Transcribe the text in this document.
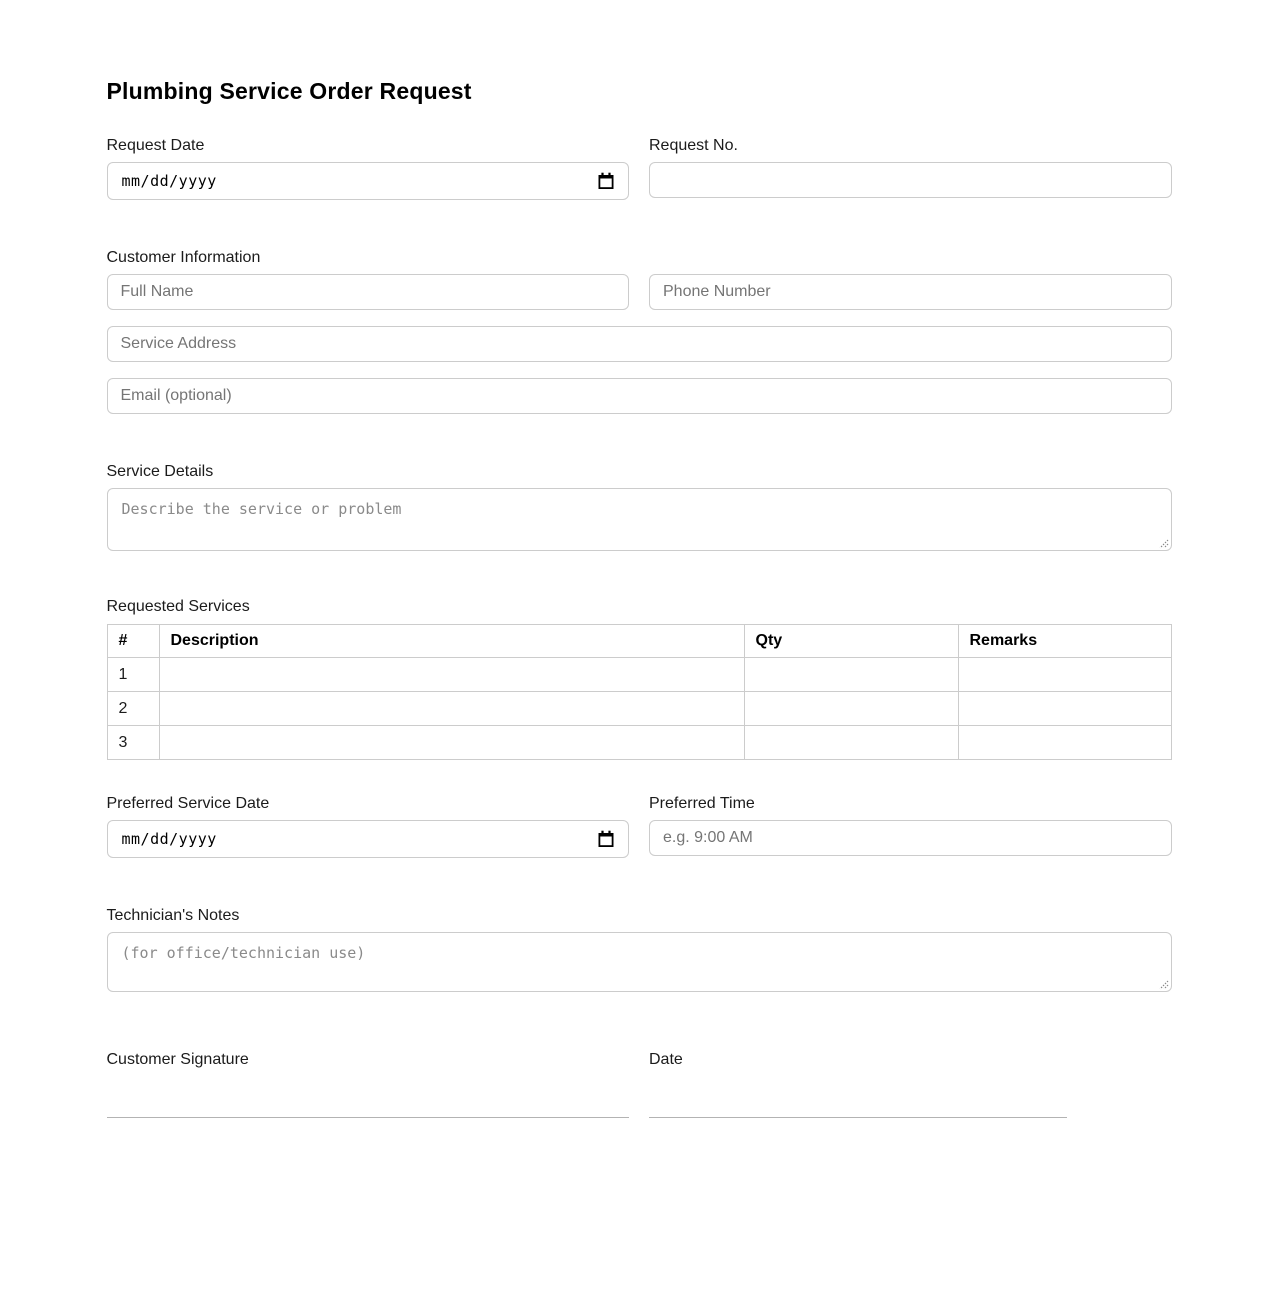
Plumbing Service Order Request
Request Date
mm/dd/yyyy
Request No.
Customer Information
Full Name
Phone Number
Service Address Email (optional)
Service Details
Describe the service or problem
Requested Services
#	Description	Qty	Remarks
1			
2			
3			
Preferred Service Date
mm/dd/yyyy
Preferred Time
e.g. 9:00 AM
Technician's Notes
(for office/technician use)
Customer Signature	Date
